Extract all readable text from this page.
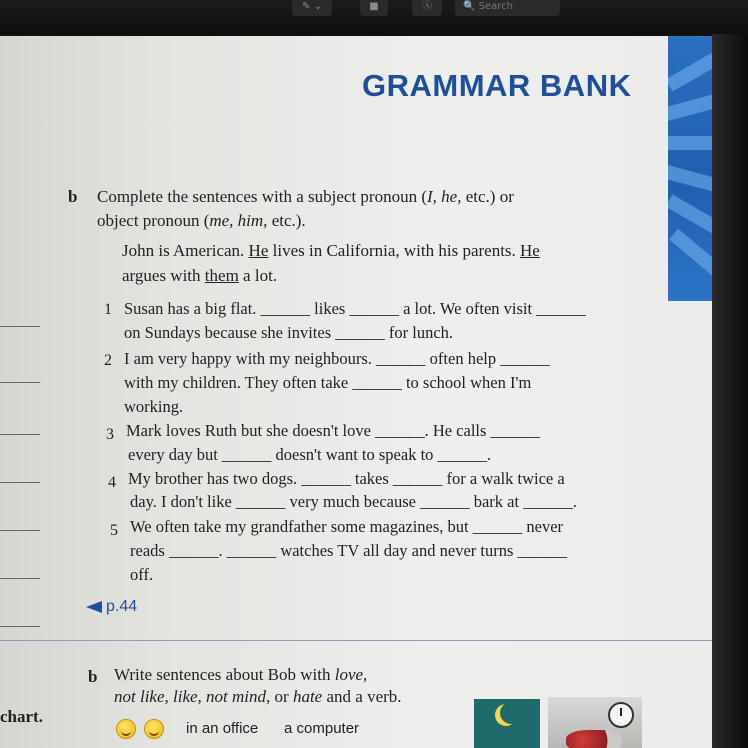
✎ ⌄	■	Ⓐ	🔍 Search
GRAMMAR BANK
b Complete the sentences with a subject pronoun (I, he, etc.) or
object pronoun (me, him, etc.).
John is American. He lives in California, with his parents. He
argues with them a lot.
1 Susan has a big flat. ______ likes ______ a lot. We often visit ______
on Sundays because she invites ______ for lunch.
2 I am very happy with my neighbours. ______ often help ______
with my children. They often take ______ to school when I'm
working.
3 Mark loves Ruth but she doesn't love ______. He calls ______
every day but ______ doesn't want to speak to ______.
4 My brother has two dogs. ______ takes ______ for a walk twice a
day. I don't like ______ very much because ______ bark at ______.
5 We often take my grandfather some magazines, but ______ never
reads ______. ______ watches TV all day and never turns ______
off.
p.44
b Write sentences about Bob with love,
not like, like, not mind, or hate and a verb.
chart.
in an office a computer
